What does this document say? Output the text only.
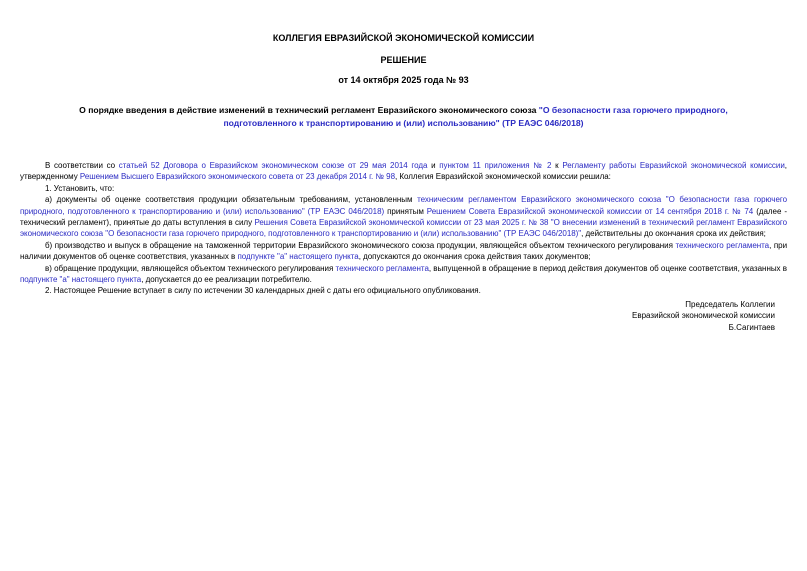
КОЛЛЕГИЯ ЕВРАЗИЙСКОЙ ЭКОНОМИЧЕСКОЙ КОМИССИИ
РЕШЕНИЕ
от 14 октября 2025 года № 93
О порядке введения в действие изменений в технический регламент Евразийского экономического союза "О безопасности газа горючего природного, подготовленного к транспортированию и (или) использованию" (ТР ЕАЭС 046/2018)

В соответствии со статьей 52 Договора о Евразийском экономическом союзе от 29 мая 2014 года и пунктом 11 приложения № 2 к Регламенту работы Евразийской экономической комиссии, утвержденному Решением Высшего Евразийского экономического совета от 23 декабря 2014 г. № 98, Коллегия Евразийской экономической комиссии решила:

1. Установить, что:

а) документы об оценке соответствия продукции обязательным требованиям, установленным техническим регламентом Евразийского экономического союза "О безопасности газа горючего природного, подготовленного к транспортированию и (или) использованию" (ТР ЕАЭС 046/2018) принятым Решением Совета Евразийской экономической комиссии от 14 сентября 2018 г. № 74 (далее - технический регламент), принятые до даты вступления в силу Решения Совета Евразийской экономической комиссии от 23 мая 2025 г. № 38 "О внесении изменений в технический регламент Евразийского экономического союза "О безопасности газа горючего природного, подготовленного к транспортированию и (или) использованию" (ТР ЕАЭС 046/2018)", действительны до окончания срока их действия;

б) производство и выпуск в обращение на таможенной территории Евразийского экономического союза продукции, являющейся объектом технического регулирования технического регламента, при наличии документов об оценке соответствия, указанных в подпункте "а" настоящего пункта, допускаются до окончания срока действия таких документов;

в) обращение продукции, являющейся объектом технического регулирования технического регламента, выпущенной в обращение в период действия документов об оценке соответствия, указанных в подпункте "а" настоящего пункта, допускается до ее реализации потребителю.

2. Настоящее Решение вступает в силу по истечении 30 календарных дней с даты его официального опубликования.

Председатель Коллегии
Евразийской экономической комиссии
Б.Сагинтаев
